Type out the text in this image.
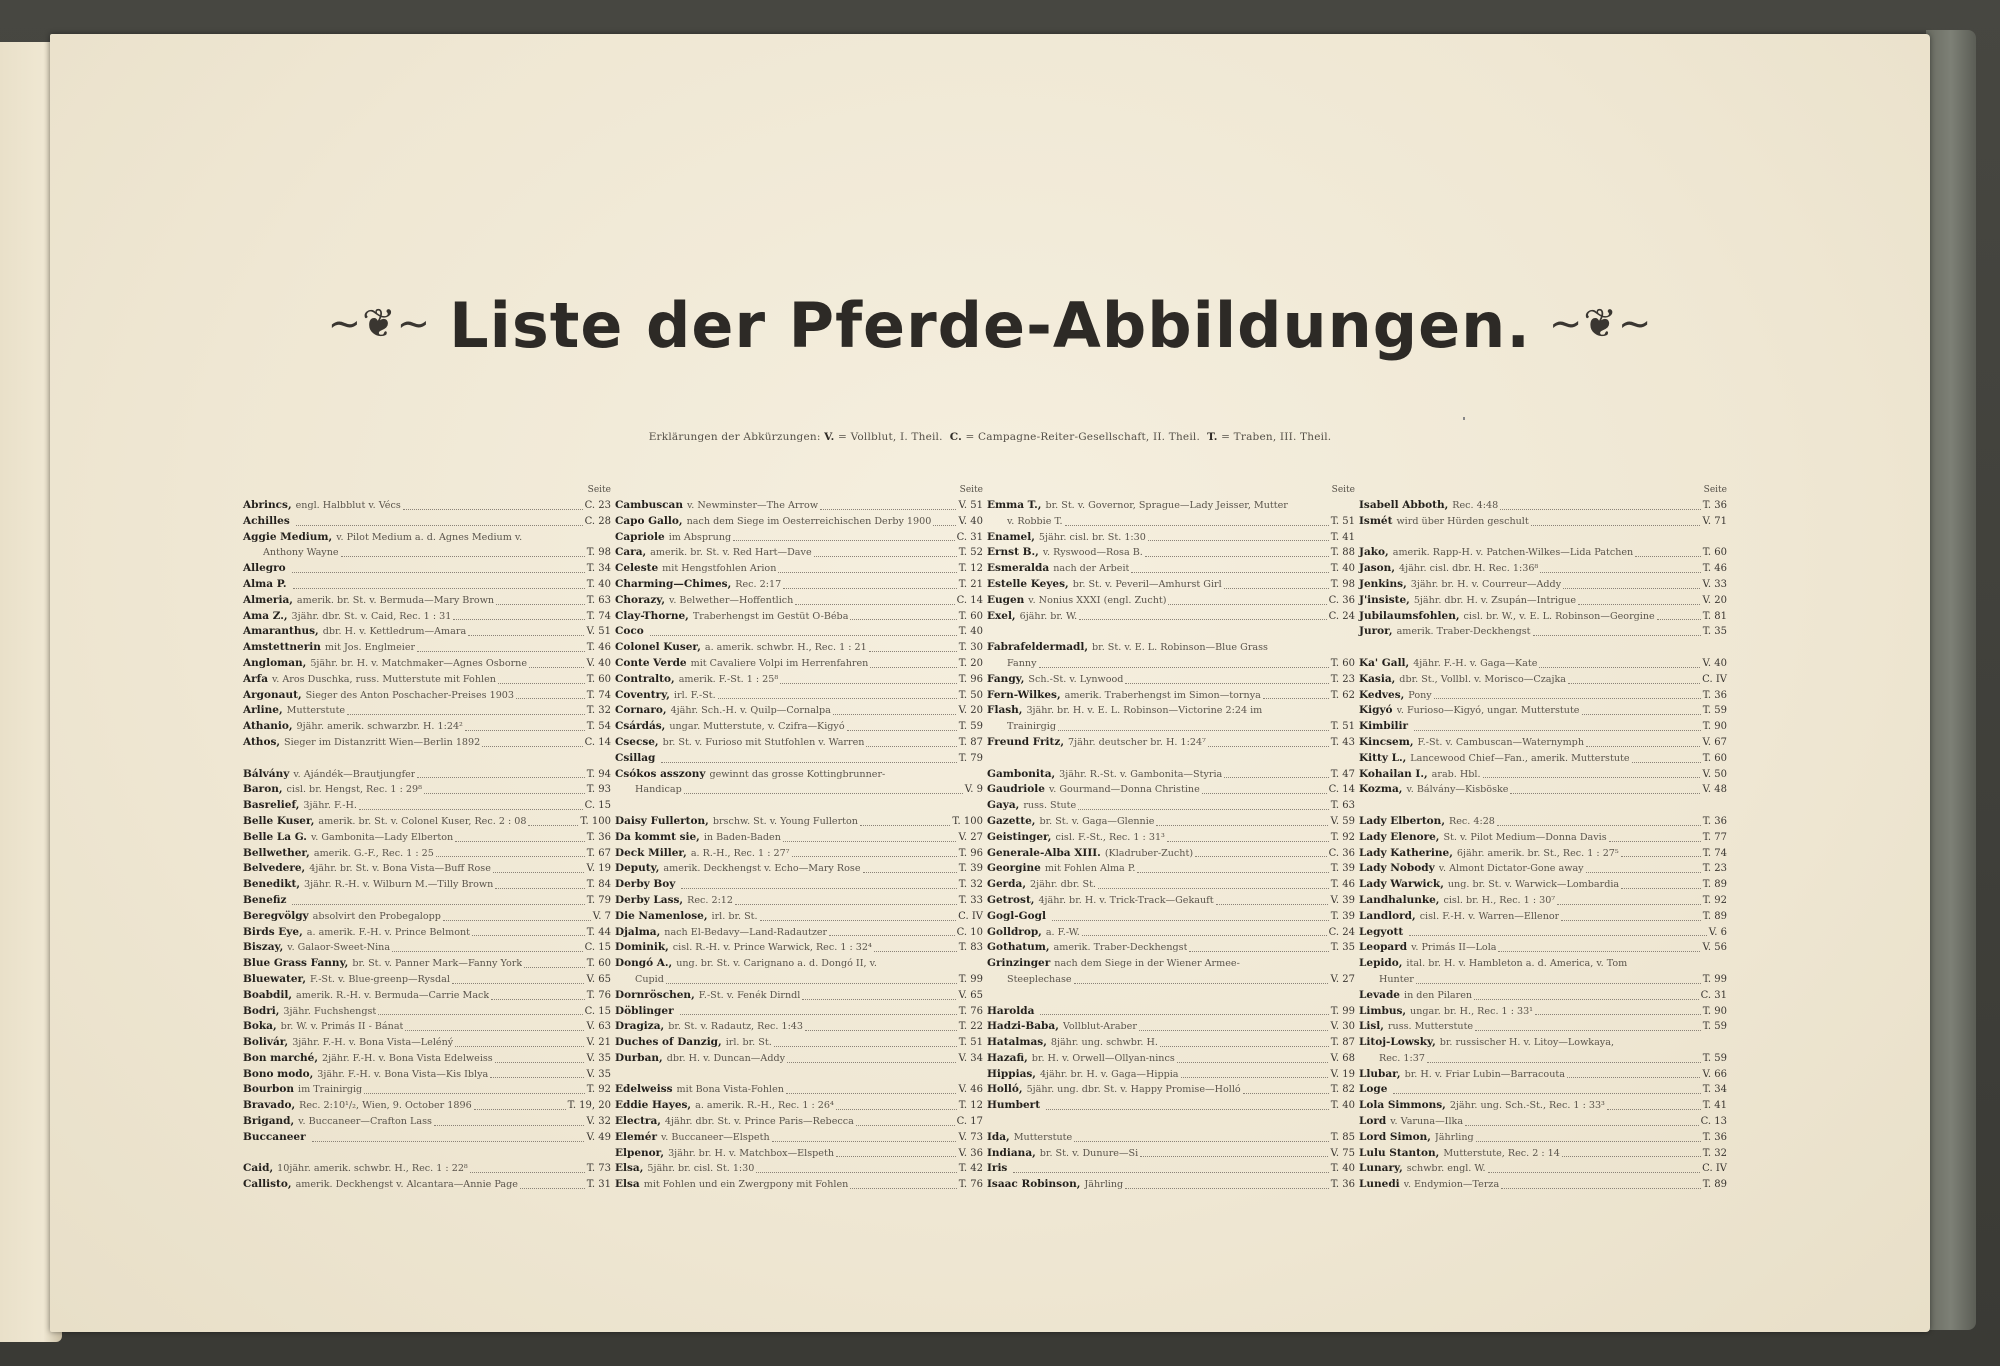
~❦~ Liste der Pferde-Abbildungen. ~❦~
Erklärungen der Abkürzungen: V. = Vollblut, I. Theil. C. = Campagne-Reiter-Gesellschaft, II. Theil. T. = Traben, III. Theil.
Seite
Abrincs, engl. Halbblut v. Vécs	C. 23
Achilles	C. 28
Aggie Medium, v. Pilot Medium a. d. Agnes Medium v.
Anthony Wayne	T. 98
Allegro	T. 34
Alma P.	T. 40
Almeria, amerik. br. St. v. Bermuda—Mary Brown	T. 63
Ama Z., 3jähr. dbr. St. v. Caid, Rec. 1 : 31	T. 74
Amaranthus, dbr. H. v. Kettledrum—Amara	V. 51
Amstettnerin mit Jos. Englmeier	T. 46
Angloman, 5jähr. br. H. v. Matchmaker—Agnes Osborne	V. 40
Arfa v. Aros Duschka, russ. Mutterstute mit Fohlen	T. 60
Argonaut, Sieger des Anton Poschacher-Preises 1903	T. 74
Arline, Mutterstute	T. 32
Athanio, 9jähr. amerik. schwarzbr. H. 1:24²	T. 54
Athos, Sieger im Distanzritt Wien—Berlin 1892	C. 14
Bálvány v. Ajándék—Brautjungfer	T. 94
Baron, cisl. br. Hengst, Rec. 1 : 29⁸	T. 93
Basrelief, 3jähr. F.-H.	C. 15
Belle Kuser, amerik. br. St. v. Colonel Kuser, Rec. 2 : 08	T. 100
Belle La G. v. Gambonita—Lady Elberton	T. 36
Bellwether, amerik. G.-F., Rec. 1 : 25	T. 67
Belvedere, 4jähr. br. St. v. Bona Vista—Buff Rose	V. 19
Benedikt, 3jähr. R.-H. v. Wilburn M.—Tilly Brown	T. 84
Benefiz	T. 79
Beregvölgy absolvirt den Probegalopp	V. 7
Birds Eye, a. amerik. F.-H. v. Prince Belmont	T. 44
Biszay, v. Galaor-Sweet-Nina	C. 15
Blue Grass Fanny, br. St. v. Panner Mark—Fanny York	T. 60
Bluewater, F.-St. v. Blue-greenp—Rysdal	V. 65
Boabdil, amerik. R.-H. v. Bermuda—Carrie Mack	T. 76
Bodri, 3jähr. Fuchshengst	C. 15
Boka, br. W. v. Primás II - Bánat	V. 63
Bolivár, 3jähr. F.-H. v. Bona Vista—Leléný	V. 21
Bon marché, 2jähr. F.-H. v. Bona Vista Edelweiss	V. 35
Bono modo, 3jähr. F.-H. v. Bona Vista—Kis Iblya	V. 35
Bourbon im Trainirgig	T. 92
Bravado, Rec. 2:10¹/₂, Wien, 9. October 1896	T. 19, 20
Brigand, v. Buccaneer—Crafton Lass	V. 32
Buccaneer	V. 49
Caid, 10jähr. amerik. schwbr. H., Rec. 1 : 22⁸	T. 73
Callisto, amerik. Deckhengst v. Alcantara—Annie Page	T. 31
Seite
Cambuscan v. Newminster—The Arrow	V. 51
Capo Gallo, nach dem Siege im Oesterreichischen Derby 1900	V. 40
Capriole im Absprung	C. 31
Cara, amerik. br. St. v. Red Hart—Dave	T. 52
Celeste mit Hengstfohlen Arion	T. 12
Charming—Chimes, Rec. 2:17	T. 21
Chorazy, v. Belwether—Hoffentlich	C. 14
Clay-Thorne, Traberhengst im Gestüt O-Béba	T. 60
Coco	T. 40
Colonel Kuser, a. amerik. schwbr. H., Rec. 1 : 21	T. 30
Conte Verde mit Cavaliere Volpi im Herrenfahren	T. 20
Contralto, amerik. F.-St. 1 : 25⁸	T. 96
Coventry, irl. F.-St.	T. 50
Cornaro, 4jähr. Sch.-H. v. Quilp—Cornalpa	V. 20
Csárdás, ungar. Mutterstute, v. Czifra—Kigyó	T. 59
Csecse, br. St. v. Furioso mit Stutfohlen v. Warren	T. 87
Csillag	T. 79
Csókos asszony gewinnt das grosse Kottingbrunner-
Handicap	V. 9
Daisy Fullerton, brschw. St. v. Young Fullerton	T. 100
Da kommt sie, in Baden-Baden	V. 27
Deck Miller, a. R.-H., Rec. 1 : 27⁷	T. 96
Deputy, amerik. Deckhengst v. Echo—Mary Rose	T. 39
Derby Boy	T. 32
Derby Lass, Rec. 2:12	T. 33
Die Namenlose, irl. br. St.	C. IV
Djalma, nach El-Bedavy—Land-Radautzer	C. 10
Dominik, cisl. R.-H. v. Prince Warwick, Rec. 1 : 32⁴	T. 83
Dongó A., ung. br. St. v. Carignano a. d. Dongó II, v.
Cupid	T. 99
Dornröschen, F.-St. v. Fenék Dirndl	V. 65
Döblinger	T. 76
Dragiza, br. St. v. Radautz, Rec. 1:43	T. 22
Duches of Danzig, irl. br. St.	T. 51
Durban, dbr. H. v. Duncan—Addy	V. 34
Edelweiss mit Bona Vista-Fohlen	V. 46
Eddie Hayes, a. amerik. R.-H., Rec. 1 : 26⁴	T. 12
Electra, 4jähr. dbr. St. v. Prince Paris—Rebecca	C. 17
Elemér v. Buccaneer—Elspeth	V. 73
Elpenor, 3jähr. br. H. v. Matchbox—Elspeth	V. 36
Elsa, 5jähr. br. cisl. St. 1:30	T. 42
Elsa mit Fohlen und ein Zwergpony mit Fohlen	T. 76
Seite
Emma T., br. St. v. Governor, Sprague—Lady Jeisser, Mutter
v. Robbie T.	T. 51
Enamel, 5jähr. cisl. br. St. 1:30	T. 41
Ernst B., v. Ryswood—Rosa B.	T. 88
Esmeralda nach der Arbeit	T. 40
Estelle Keyes, br. St. v. Peveril—Amhurst Girl	T. 98
Eugen v. Nonius XXXI (engl. Zucht)	C. 36
Exel, 6jähr. br. W.	C. 24
Fabrafeldermadl, br. St. v. E. L. Robinson—Blue Grass
Fanny	T. 60
Fangy, Sch.-St. v. Lynwood	T. 23
Fern-Wilkes, amerik. Traberhengst im Simon—tornya	T. 62
Flash, 3jähr. br. H. v. E. L. Robinson—Victorine 2:24 im
Trainirgig	T. 51
Freund Fritz, 7jähr. deutscher br. H. 1:24⁷	T. 43
Gambonita, 3jähr. R.-St. v. Gambonita—Styria	T. 47
Gaudriole v. Gourmand—Donna Christine	C. 14
Gaya, russ. Stute	T. 63
Gazette, br. St. v. Gaga—Glennie	V. 59
Geistinger, cisl. F.-St., Rec. 1 : 31³	T. 92
Generale-Alba XIII. (Kladruber-Zucht)	C. 36
Georgine mit Fohlen Alma P.	T. 39
Gerda, 2jähr. dbr. St.	T. 46
Getrost, 4jähr. br. H. v. Trick-Track—Gekauft	V. 39
Gogl-Gogl	T. 39
Golldrop, a. F.-W.	C. 24
Gothatum, amerik. Traber-Deckhengst	T. 35
Grinzinger nach dem Siege in der Wiener Armee-
Steeplechase	V. 27
Harolda	T. 99
Hadzi-Baba, Vollblut-Araber	V. 30
Hatalmas, 8jähr. ung. schwbr. H.	T. 87
Hazafi, br. H. v. Orwell—Ollyan-nincs	V. 68
Hippias, 4jähr. br. H. v. Gaga—Hippia	V. 19
Holló, 5jähr. ung. dbr. St. v. Happy Promise—Holló	T. 82
Humbert	T. 40
Ida, Mutterstute	T. 85
Indiana, br. St. v. Dunure—Si	V. 75
Iris	T. 40
Isaac Robinson, Jährling	T. 36
Seite
Isabell Abboth, Rec. 4:48	T. 36
Ismét wird über Hürden geschult	V. 71
Jako, amerik. Rapp-H. v. Patchen-Wilkes—Lida Patchen	T. 60
Jason, 4jähr. cisl. dbr. H. Rec. 1:36⁸	T. 46
Jenkins, 3jähr. br. H. v. Courreur—Addy	V. 33
J'insiste, 5jähr. dbr. H. v. Zsupán—Intrigue	V. 20
Jubilaumsfohlen, cisl. br. W., v. E. L. Robinson—Georgine	T. 81
Juror, amerik. Traber-Deckhengst	T. 35
Ka' Gall, 4jähr. F.-H. v. Gaga—Kate	V. 40
Kasia, dbr. St., Vollbl. v. Morisco—Czajka	C. IV
Kedves, Pony	T. 36
Kigyó v. Furioso—Kigyó, ungar. Mutterstute	T. 59
Kimbilir	T. 90
Kincsem, F.-St. v. Cambuscan—Waternymph	V. 67
Kitty L., Lancewood Chief—Fan., amerik. Mutterstute	T. 60
Kohailan I., arab. Hbl.	V. 50
Kozma, v. Bálvány—Kisböske	V. 48
Lady Elberton, Rec. 4:28	T. 36
Lady Elenore, St. v. Pilot Medium—Donna Davis	T. 77
Lady Katherine, 6jähr. amerik. br. St., Rec. 1 : 27⁵	T. 74
Lady Nobody v. Almont Dictator-Gone away	T. 23
Lady Warwick, ung. br. St. v. Warwick—Lombardia	T. 89
Landhalunke, cisl. br. H., Rec. 1 : 30⁷	T. 92
Landlord, cisl. F.-H. v. Warren—Ellenor	T. 89
Legyott	V. 6
Leopard v. Primás II—Lola	V. 56
Lepido, ital. br. H. v. Hambleton a. d. America, v. Tom
Hunter	T. 99
Levade in den Pilaren	C. 31
Limbus, ungar. br. H., Rec. 1 : 33¹	T. 90
Lisl, russ. Mutterstute	T. 59
Litoj-Lowsky, br. russischer H. v. Litoy—Lowkaya,
Rec. 1:37	T. 59
Llubar, br. H. v. Friar Lubin—Barracouta	V. 66
Loge	T. 34
Lola Simmons, 2jähr. ung. Sch.-St., Rec. 1 : 33³	T. 41
Lord v. Varuna—Ilka	C. 13
Lord Simon, Jährling	T. 36
Lulu Stanton, Mutterstute, Rec. 2 : 14	T. 32
Lunary, schwbr. engl. W.	C. IV
Lunedi v. Endymion—Terza	T. 89
